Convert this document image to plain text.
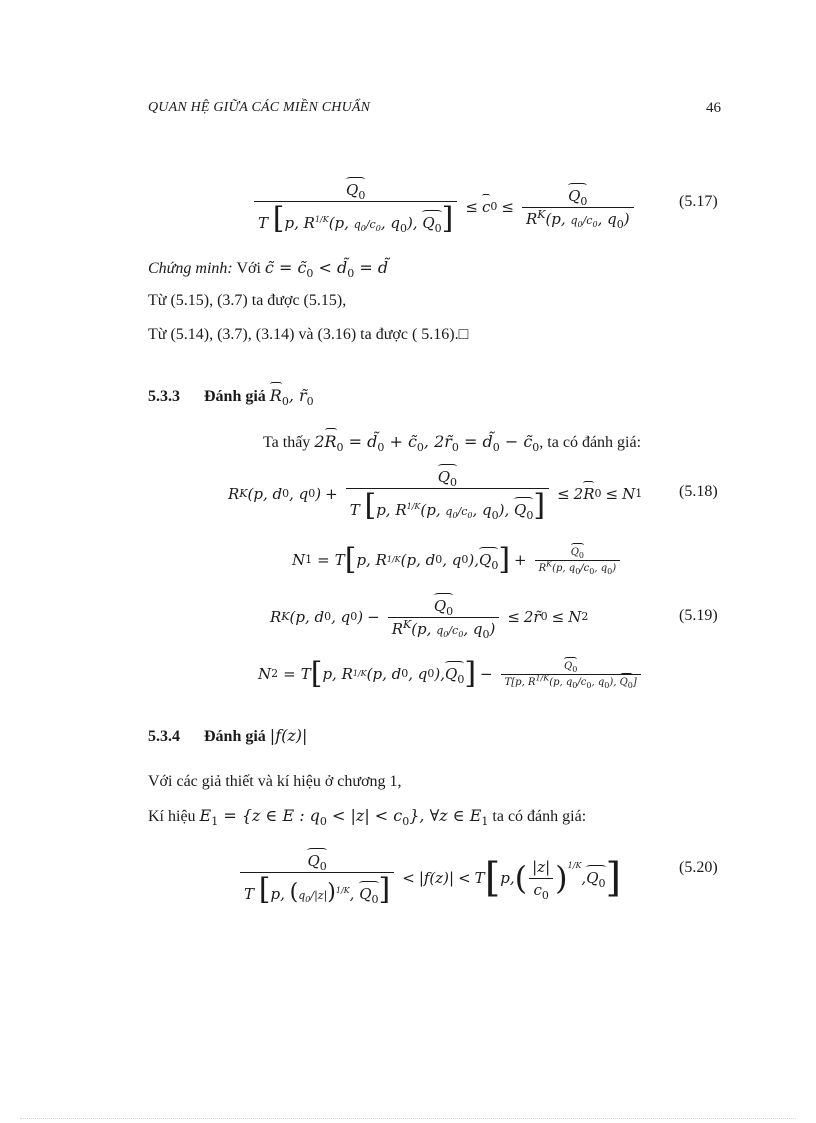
QUAN HỆ GIỮA CÁC MIỀN CHUẨN	46
$\frac{Q_0}{T [p, R^{1/K}(p, q_0/c_0, q_0), Q_0]} \le c$ $0 \le \frac{Q_0}{R^K(p, q_0/c_0, q_0)}$	(5.17)
Chứng minh: Với c̃ = $c̃_0$ < $d̃_0$ = d̃
Từ (5.15), (3.7) ta được (5.15),
Từ (5.14), (3.7), (3.14) và (3.16) ta được ( 5.16).□
5.3.3 Đánh giá $R_0$, $r̃_0$
Ta thấy $2R_0$ = $d̃_0$ + $c̃_0$, $2r̃_0$ = $d̃_0$ − $c̃_0$, ta có đánh giá:
R K (p, d 0 , q 0 ) + $\frac{Q_0}{T [p, R^{1/K}(p, q_0/c_0, q_0), Q_0]} \le 2$ R 0 ≤ N 1 (5.18)
N 1 = T [ p, R 1/K (p, d 0 , q 0 ), $Q_0$ ] + $\frac{Q_0}{R^K(p, q_0/c_0, q_0)}$
R K (p, d 0 , q 0 ) − $\frac{Q_0}{R^K(p, q_0/c_0, q_0)}$ ≤ 2r̃ 0 ≤ N 2	(5.19)
N 2 = T [ p, R 1/K (p, d 0 , q 0 ), $Q_0$ ] − $\frac{Q_0}{T[p, R^{1/K}(p, q_0/c_0, q_0), Q_0]}$
5.3.4 Đánh giá |f(z)|
Với các giả thiết và kí hiệu ở chương 1,
Kí hiệu $E_1 = \{z$ ∈ E : $q_0 < |z| < c_0$}, ∀z ∈ $E_1$ ta có đánh giá:
$\frac{Q_0}{T [p, (q_0/|z|)^{1/K}, Q_0]} < |f(z)| < T$ [ p, ( $\frac{|z|}{c_0} )^{1/K}$
, $Q_0$ ]	(5.20)
